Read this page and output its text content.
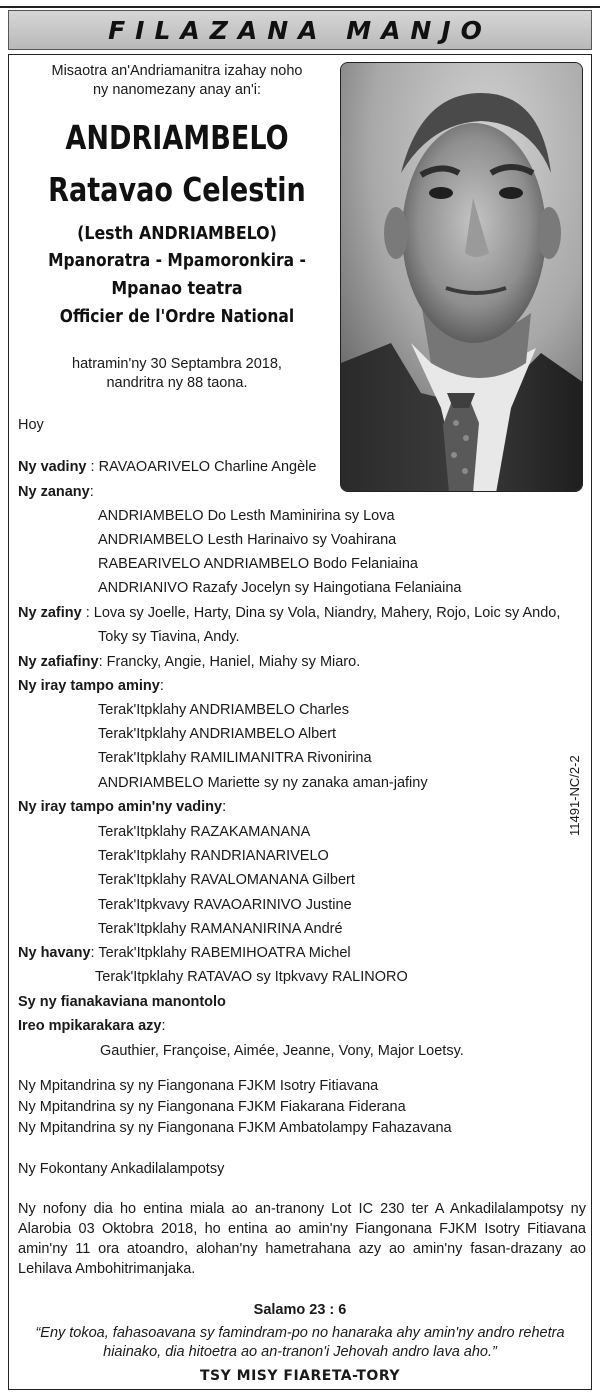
FILAZANA MANJO
Misaotra an'Andriamanitra izahay noho
ny nanomezany anay an'i:
ANDRIAMBELO
Ratavao Celestin
(Lesth ANDRIAMBELO)
Mpanoratra - Mpamoronkira -
Mpanao teatra
Officier de l'Ordre National
hatramin'ny 30 Septambra 2018,
nandritra ny 88 taona.
Hoy
Ny vadiny : RAVAOARIVELO Charline Angèle
Ny zanany:
ANDRIAMBELO Do Lesth Maminirina sy Lova
ANDRIAMBELO Lesth Harinaivo sy Voahirana
RABEARIVELO ANDRIAMBELO Bodo Felaniaina
ANDRIANIVO Razafy Jocelyn sy Haingotiana Felaniaina
Ny zafiny : Lova sy Joelle, Harty, Dina sy Vola, Niandry, Mahery, Rojo, Loic sy Ando,
Toky sy Tiavina, Andy.
Ny zafiafiny: Francky, Angie, Haniel, Miahy sy Miaro.
Ny iray tampo aminy:
Terak'Itpklahy ANDRIAMBELO Charles
Terak'Itpklahy ANDRIAMBELO Albert
Terak'Itpklahy RAMILIMANITRA Rivonirina
ANDRIAMBELO Mariette sy ny zanaka aman-jafiny
Ny iray tampo amin'ny vadiny:
Terak'Itpklahy RAZAKAMANANA
Terak'Itpklahy RANDRIANARIVELO
Terak'Itpklahy RAVALOMANANA Gilbert
Terak'Itpkvavy RAVAOARINIVO Justine
Terak'Itpklahy RAMANANIRINA André
Ny havany: Terak'Itpklahy RABEMIHOATRA Michel
Terak'Itpklahy RATAVAO sy Itpkvavy RALINORO
Sy ny fianakaviana manontolo
Ireo mpikarakara azy:
Gauthier, Françoise, Aimée, Jeanne, Vony, Major Loetsy.
Ny Mpitandrina sy ny Fiangonana FJKM Isotry Fitiavana
Ny Mpitandrina sy ny Fiangonana FJKM Fiakarana Fiderana
Ny Mpitandrina sy ny Fiangonana FJKM Ambatolampy Fahazavana
Ny Fokontany Ankadilalampotsy
Ny nofony dia ho entina miala ao an-tranony Lot IC 230 ter A Ankadilalampotsy ny Alarobia 03 Oktobra 2018, ho entina ao amin'ny Fiangonana FJKM Isotry Fitiavana amin'ny 11 ora atoandro, alohan'ny hametrahana azy ao amin'ny fasan-drazany ao Lehilava Ambohitrimanjaka.
11491-NC/2-2
Salamo 23 : 6
“Eny tokoa, fahasoavana sy famindram-po no hanaraka ahy amin'ny andro rehetra
hiainako, dia hitoetra ao an-tranon'i Jehovah andro lava aho.”
TSY MISY FIARETA-TORY
